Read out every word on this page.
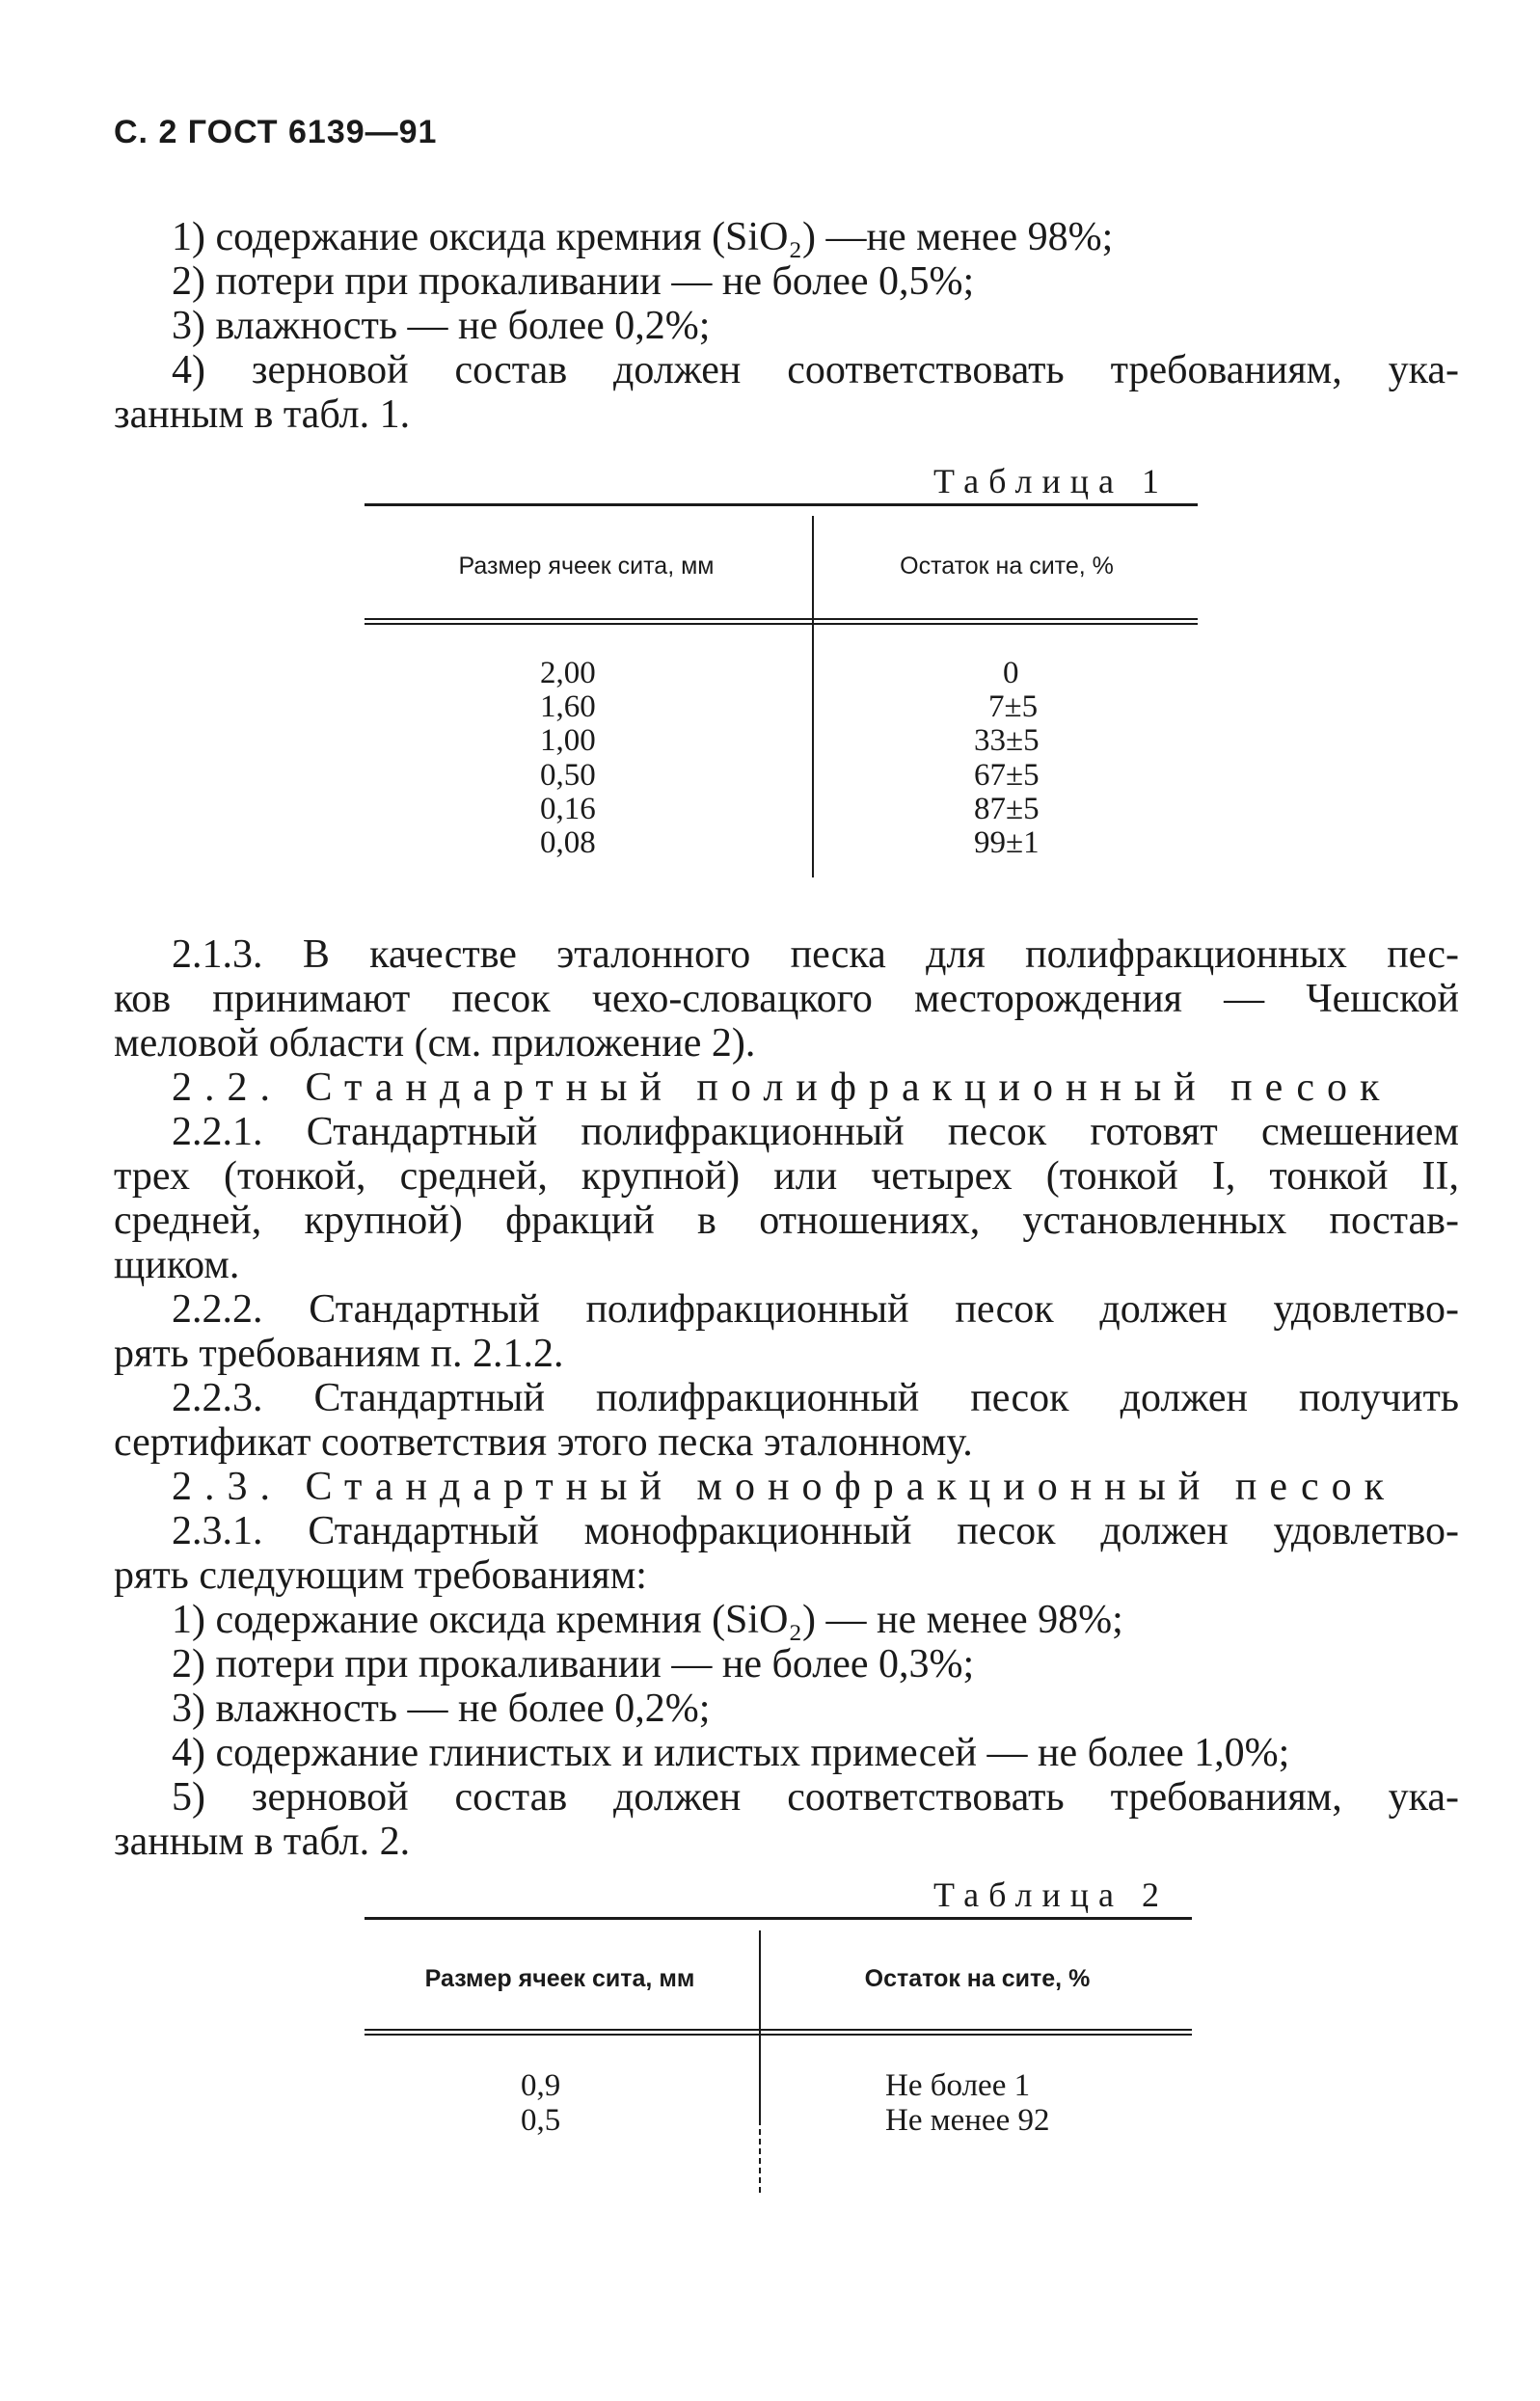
С. 2 ГОСТ 6139—91
1) содержание оксида кремния (SiO₂) —не менее 98%;
2) потери при прокаливании — не более 0,5%;
3) влажность — не более 0,2%;
4) зерновой состав должен соответствовать требованиям, ука-
занным в табл. 1.
Таблица 1
Размер ячеек сита, мм	Остаток на сите, %
2,00
1,60
1,00
0,50
0,16
0,08
0
7±5
33±5
67±5
87±5
99±1
2.1.3. В качестве эталонного песка для полифракционных пес-
ков принимают песок чехо-словацкого месторождения — Чешской
меловой области (см. приложение 2).
2.2. Стандартный полифракционный песок
2.2.1. Стандартный полифракционный песок готовят смешением
трех (тонкой, средней, крупной) или четырех (тонкой I, тонкой II,
средней, крупной) фракций в отношениях, установленных постав-
щиком.
2.2.2. Стандартный полифракционный песок должен удовлетво-
рять требованиям п. 2.1.2.
2.2.3. Стандартный полифракционный песок должен получить
сертификат соответствия этого песка эталонному.
2.3. Стандартный монофракционный песок
2.3.1. Стандартный монофракционный песок должен удовлетво-
рять следующим требованиям:
1) содержание оксида кремния (SiO₂) — не менее 98%;
2) потери при прокаливании — не более 0,3%;
3) влажность — не более 0,2%;
4) содержание глинистых и илистых примесей — не более 1,0%;
5) зерновой состав должен соответствовать требованиям, ука-
занным в табл. 2.
Таблица 2
Размер ячеек сита, мм	Остаток на сите, %
0,9
0,5
Не более 1
Не менее 92
